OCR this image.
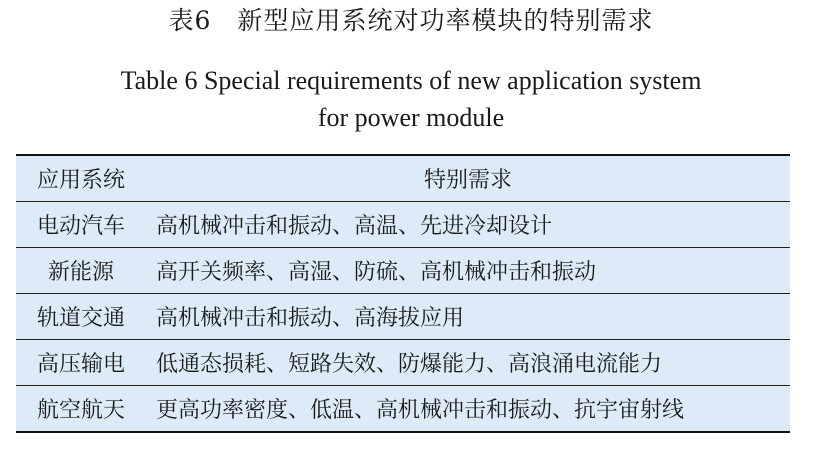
表6　新型应用系统对功率模块的特别需求
Table 6 Special requirements of new application system
for power module
应用系统	特别需求
电动汽车	高机械冲击和振动、高温、先进冷却设计
新能源	高开关频率、高湿、防硫、高机械冲击和振动
轨道交通	高机械冲击和振动、高海拔应用
高压输电	低通态损耗、短路失效、防爆能力、高浪涌电流能力
航空航天	更高功率密度、低温、高机械冲击和振动、抗宇宙射线
